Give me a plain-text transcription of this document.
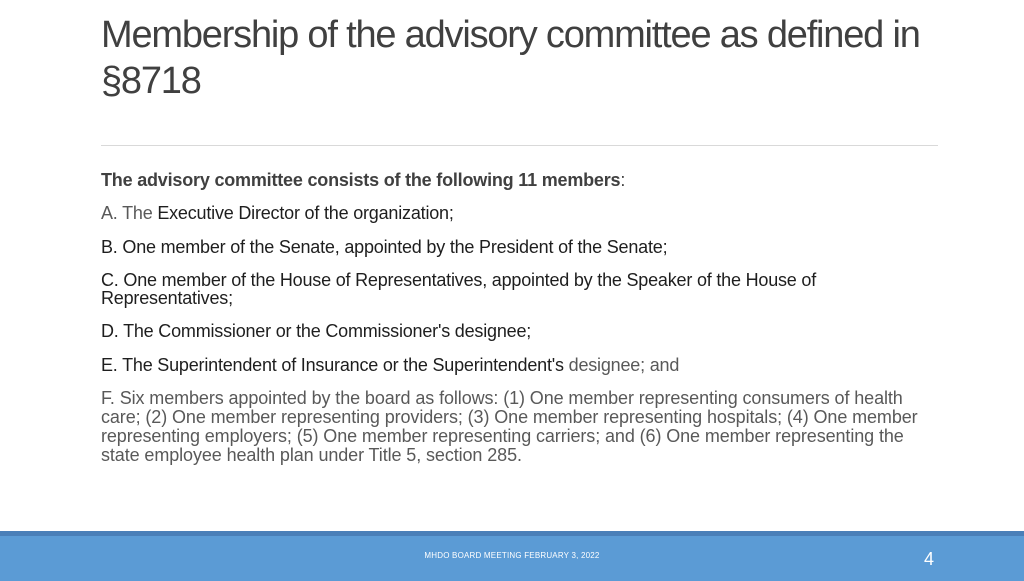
Membership of the advisory committee as defined in §8718

The advisory committee consists of the following 11 members:

A. The Executive Director of the organization;

B. One member of the Senate, appointed by the President of the Senate;

C. One member of the House of Representatives, appointed by the Speaker of the House of Representatives;

D. The Commissioner or the Commissioner's designee;

E. The Superintendent of Insurance or the Superintendent's designee; and

F. Six members appointed by the board as follows: (1) One member representing consumers of health care; (2) One member representing providers; (3) One member representing hospitals; (4) One member representing employers; (5) One member representing carriers; and (6) One member representing the state employee health plan under Title 5, section 285.

MHDO BOARD MEETING FEBRUARY 3, 2022	4
